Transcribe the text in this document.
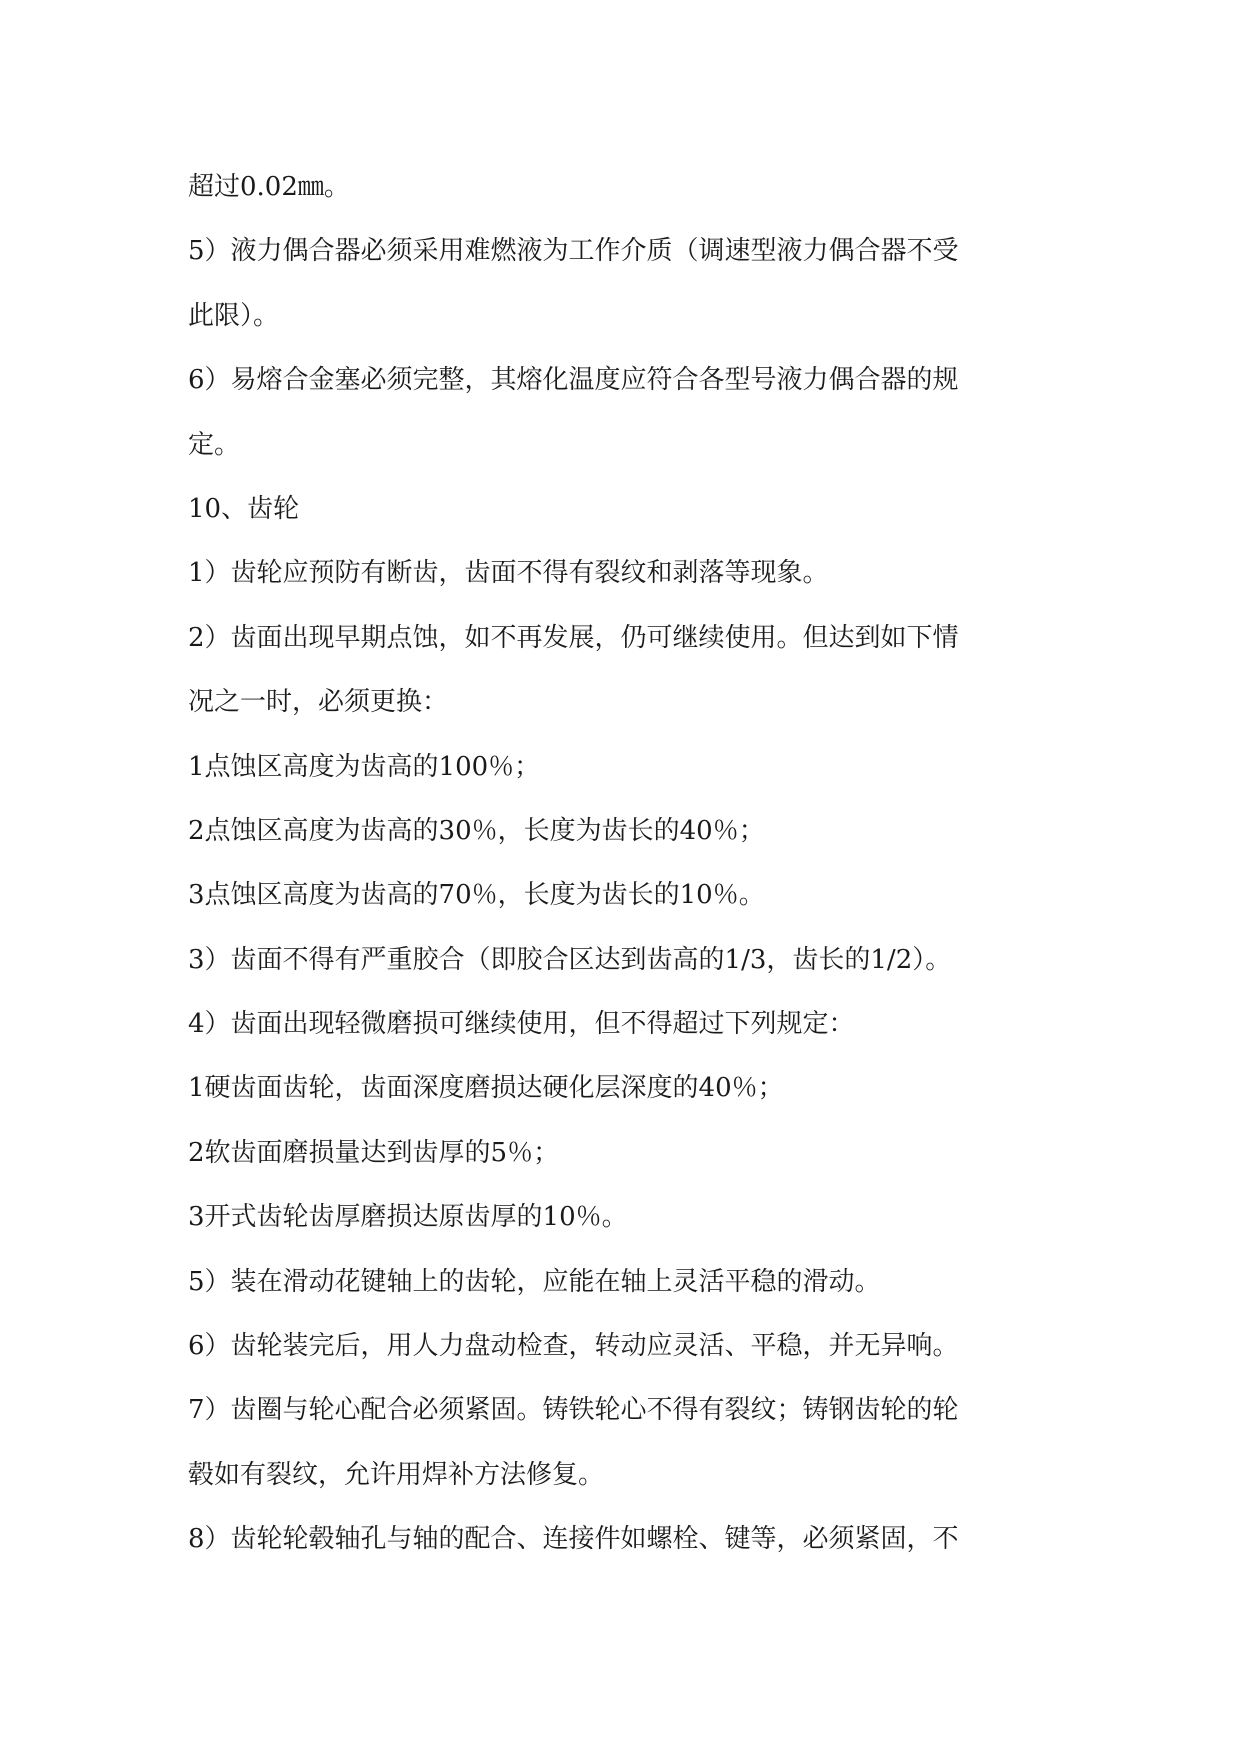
超过0.02㎜。

5）液力偶合器必须采用难燃液为工作介质（调速型液力偶合器不受

此限）。

6）易熔合金塞必须完整，其熔化温度应符合各型号液力偶合器的规

定。

10、齿轮

1）齿轮应预防有断齿，齿面不得有裂纹和剥落等现象。

2）齿面出现早期点蚀，如不再发展，仍可继续使用。但达到如下情

况之一时，必须更换：

1点蚀区高度为齿高的100％；

2点蚀区高度为齿高的30％，长度为齿长的40％；

3点蚀区高度为齿高的70％，长度为齿长的10％。

3）齿面不得有严重胶合（即胶合区达到齿高的1/3，齿长的1/2）。

4）齿面出现轻微磨损可继续使用，但不得超过下列规定：

1硬齿面齿轮，齿面深度磨损达硬化层深度的40％；

2软齿面磨损量达到齿厚的5％；

3开式齿轮齿厚磨损达原齿厚的10％。

5）装在滑动花键轴上的齿轮，应能在轴上灵活平稳的滑动。

6）齿轮装完后，用人力盘动检查，转动应灵活、平稳，并无异响。

7）齿圈与轮心配合必须紧固。铸铁轮心不得有裂纹；铸钢齿轮的轮

毂如有裂纹，允许用焊补方法修复。

8）齿轮轮毂轴孔与轴的配合、连接件如螺栓、键等，必须紧固，不
